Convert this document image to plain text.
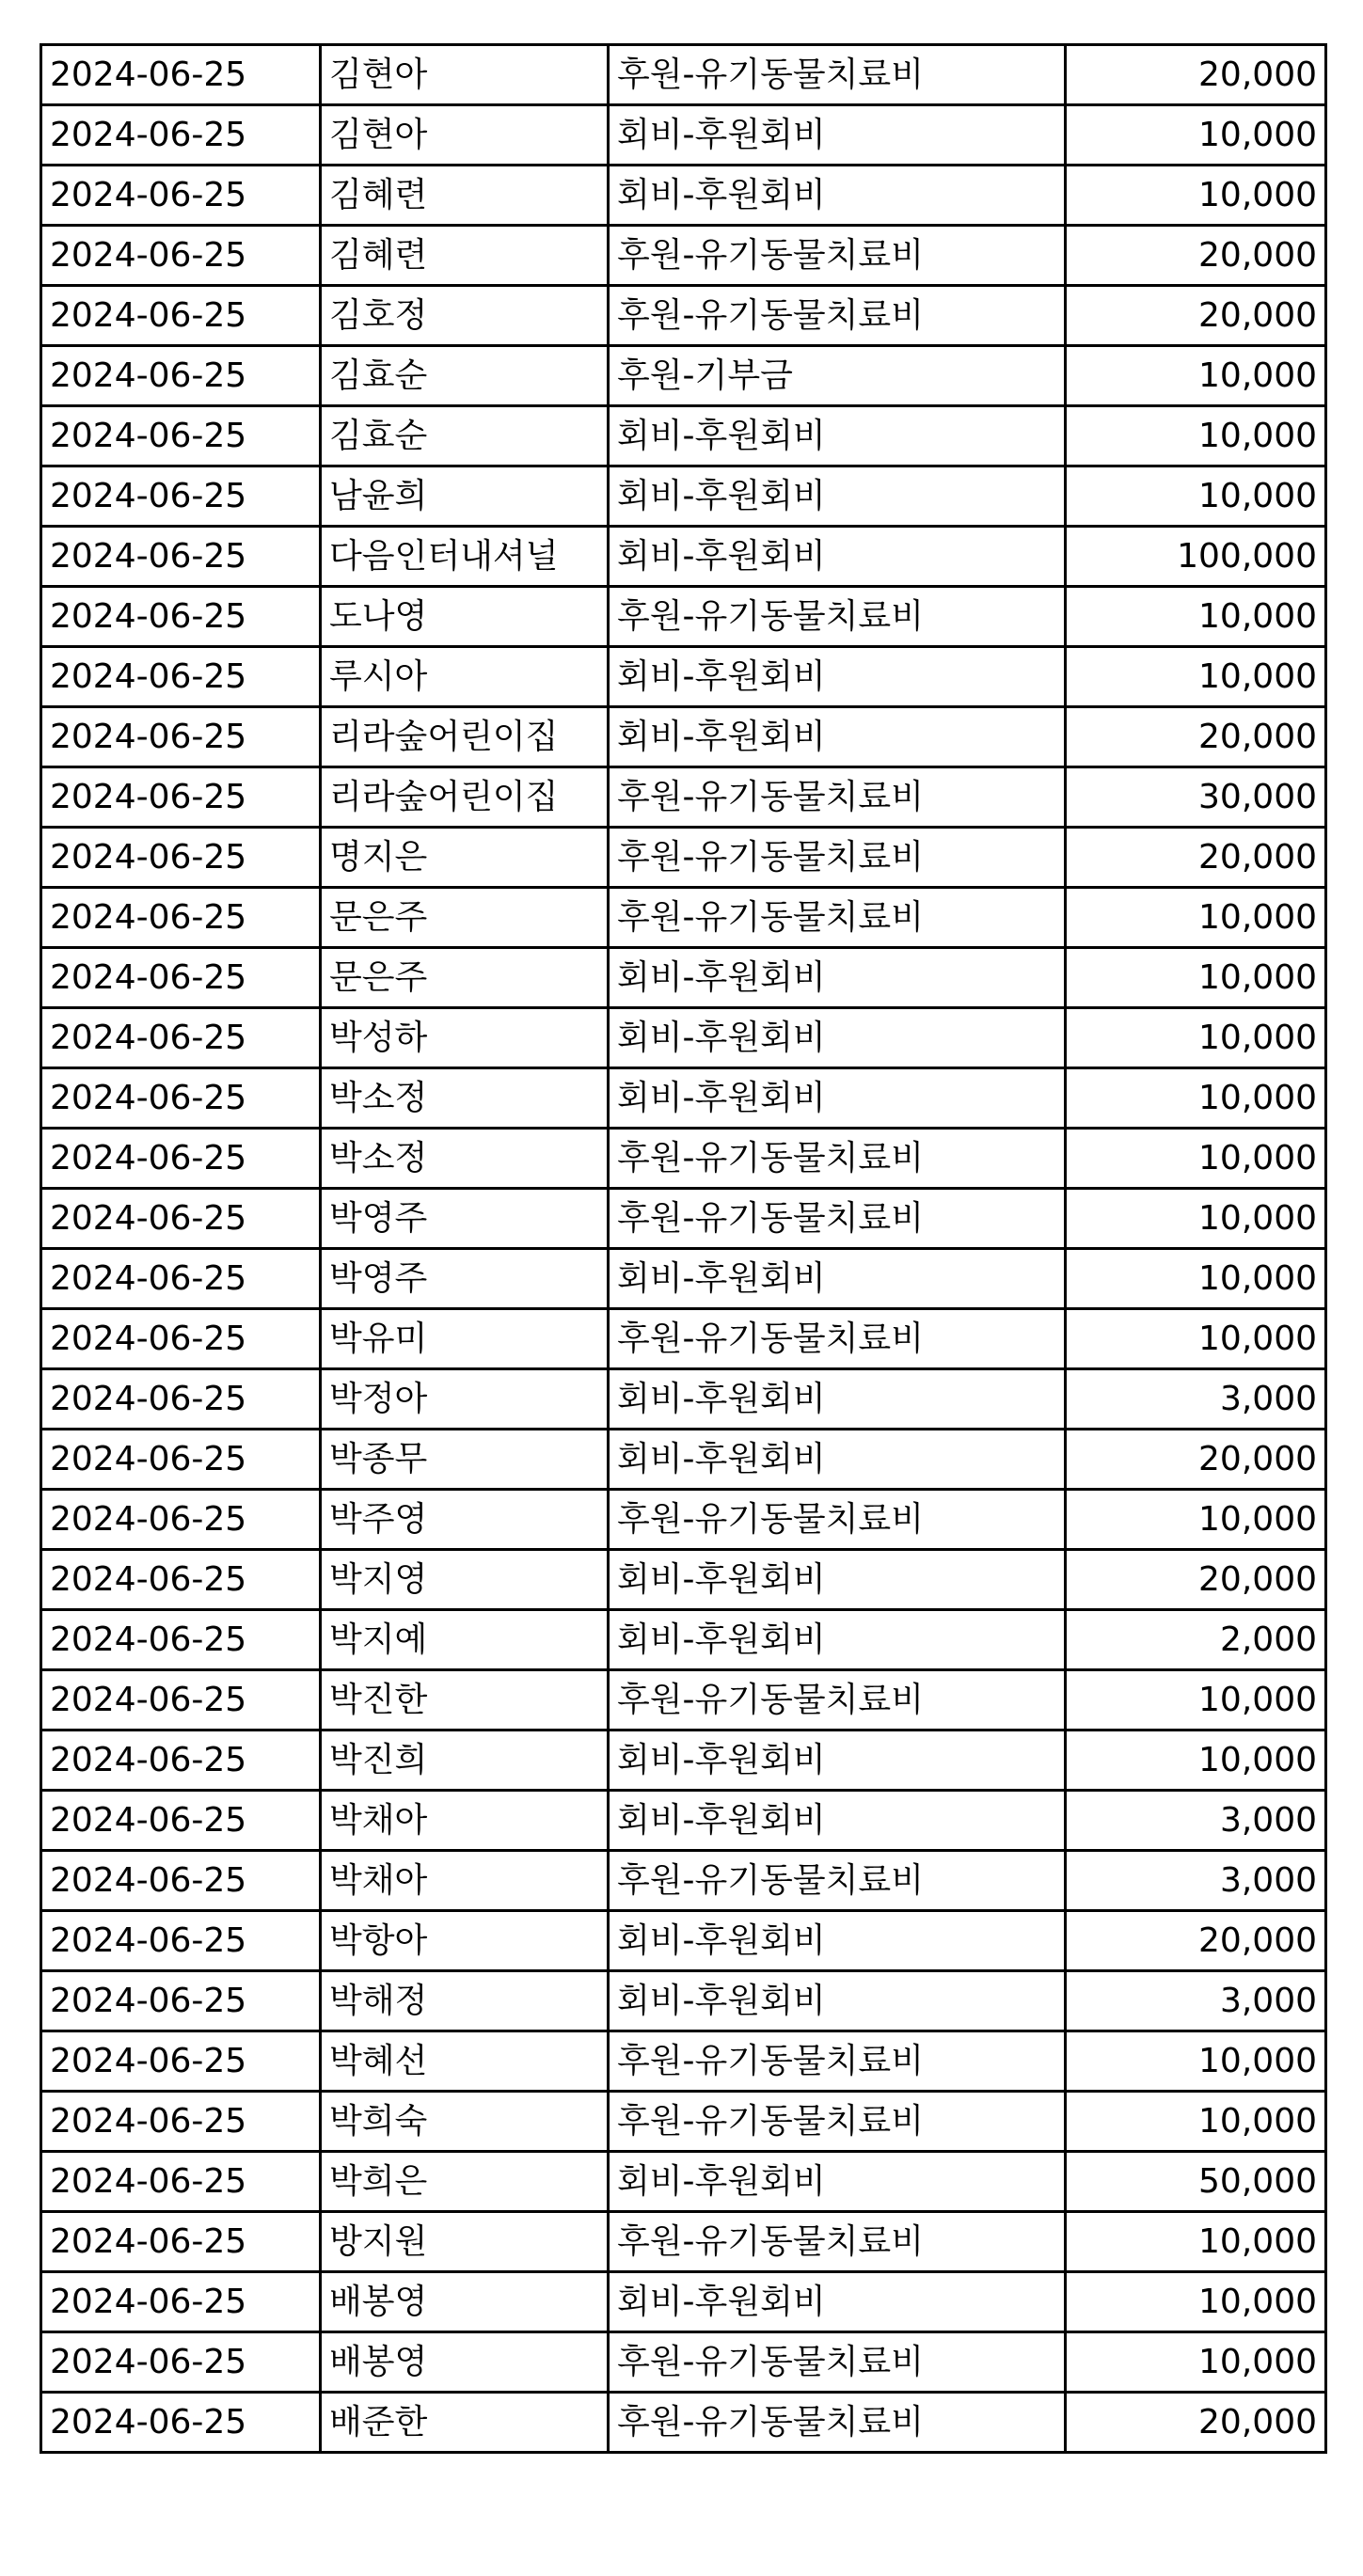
2024-06-25	김현아	후원-유기동물치료비	20,000
2024-06-25	김현아	회비-후원회비	10,000
2024-06-25	김혜련	회비-후원회비	10,000
2024-06-25	김혜련	후원-유기동물치료비	20,000
2024-06-25	김호정	후원-유기동물치료비	20,000
2024-06-25	김효순	후원-기부금	10,000
2024-06-25	김효순	회비-후원회비	10,000
2024-06-25	남윤희	회비-후원회비	10,000
2024-06-25	다음인터내셔널	회비-후원회비	100,000
2024-06-25	도나영	후원-유기동물치료비	10,000
2024-06-25	루시아	회비-후원회비	10,000
2024-06-25	리라숲어린이집	회비-후원회비	20,000
2024-06-25	리라숲어린이집	후원-유기동물치료비	30,000
2024-06-25	명지은	후원-유기동물치료비	20,000
2024-06-25	문은주	후원-유기동물치료비	10,000
2024-06-25	문은주	회비-후원회비	10,000
2024-06-25	박성하	회비-후원회비	10,000
2024-06-25	박소정	회비-후원회비	10,000
2024-06-25	박소정	후원-유기동물치료비	10,000
2024-06-25	박영주	후원-유기동물치료비	10,000
2024-06-25	박영주	회비-후원회비	10,000
2024-06-25	박유미	후원-유기동물치료비	10,000
2024-06-25	박정아	회비-후원회비	3,000
2024-06-25	박종무	회비-후원회비	20,000
2024-06-25	박주영	후원-유기동물치료비	10,000
2024-06-25	박지영	회비-후원회비	20,000
2024-06-25	박지예	회비-후원회비	2,000
2024-06-25	박진한	후원-유기동물치료비	10,000
2024-06-25	박진희	회비-후원회비	10,000
2024-06-25	박채아	회비-후원회비	3,000
2024-06-25	박채아	후원-유기동물치료비	3,000
2024-06-25	박항아	회비-후원회비	20,000
2024-06-25	박해정	회비-후원회비	3,000
2024-06-25	박혜선	후원-유기동물치료비	10,000
2024-06-25	박희숙	후원-유기동물치료비	10,000
2024-06-25	박희은	회비-후원회비	50,000
2024-06-25	방지원	후원-유기동물치료비	10,000
2024-06-25	배봉영	회비-후원회비	10,000
2024-06-25	배봉영	후원-유기동물치료비	10,000
2024-06-25	배준한	후원-유기동물치료비	20,000
